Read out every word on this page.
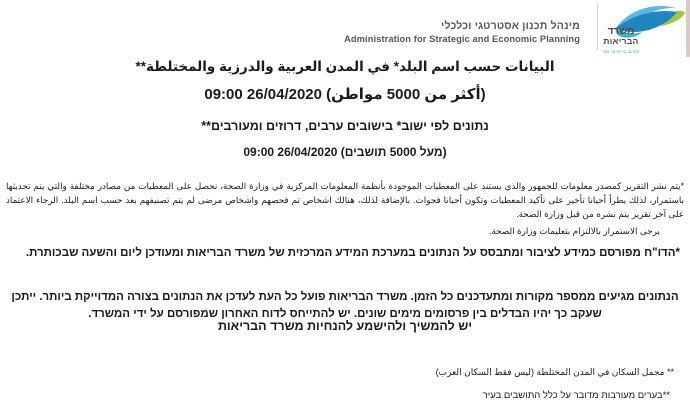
מינהל תכנון אסטרטגי וכלכלי
Administration for Strategic and Economic Planning
משרד
הבריאות
לחיים בריאים יותר
البيانات حسب اسم البلد* في المدن العربية والدرزية والمختلطة**
(أكثر من 5000 مواطن) 26/04/2020 09:00
נתונים לפי ישוב* בישובים ערבים, דרוזים ומעורבים**
(מעל 5000 תושבים) 26/04/2020 09:00
*يتم نشر التقرير كمصدر معلومات للجمهور والذي يستند على المعطيات الموجودة بأنظمة المعلومات المركزية في وزارة الصحة، نحصل على المعطيات من مصادر مختلفة والتي يتم تحديثها باستمرار، لذلك يطرأ أحيانا تأخير على تأكيد المعطيات وتكون أحيانا فجوات. بالإضافة لذلك، هنالك اشخاص تم فحصهم واشخاص مرضى لم يتم تصنيفهم بعد حسب اسم البلد. الرجاء الاعتماد على آخر تقرير يتم نشره من قبل وزارة الصحة.
يرجى الاستمرار بالالتزام بتعليمات وزارة الصحة.
*הדו"ח מפורסם כמידע לציבור ומתבסס על הנתונים במערכת המידע המרכזית של משרד הבריאות ומעודכן ליום והשעה שבכותרת.
הנתונים מגיעים ממספר מקורות ומתעדכנים כל הזמן. משרד הבריאות פועל כל העת לעדכן את הנתונים בצורה המדוייקת ביותר. ייתכן שעקב כך יהיו הבדלים בין פרסומים מימים שונים. יש להתייחס לדוח האחרון שמפורסם על ידי המשרד.
יש להמשיך ולהישמע להנחיות משרד הבריאות
** مجمل السكان في المدن المختلطة (ليس فقط السكان العرب)
**בערים מעורבות מדובר על כלל התושבים בעיר
